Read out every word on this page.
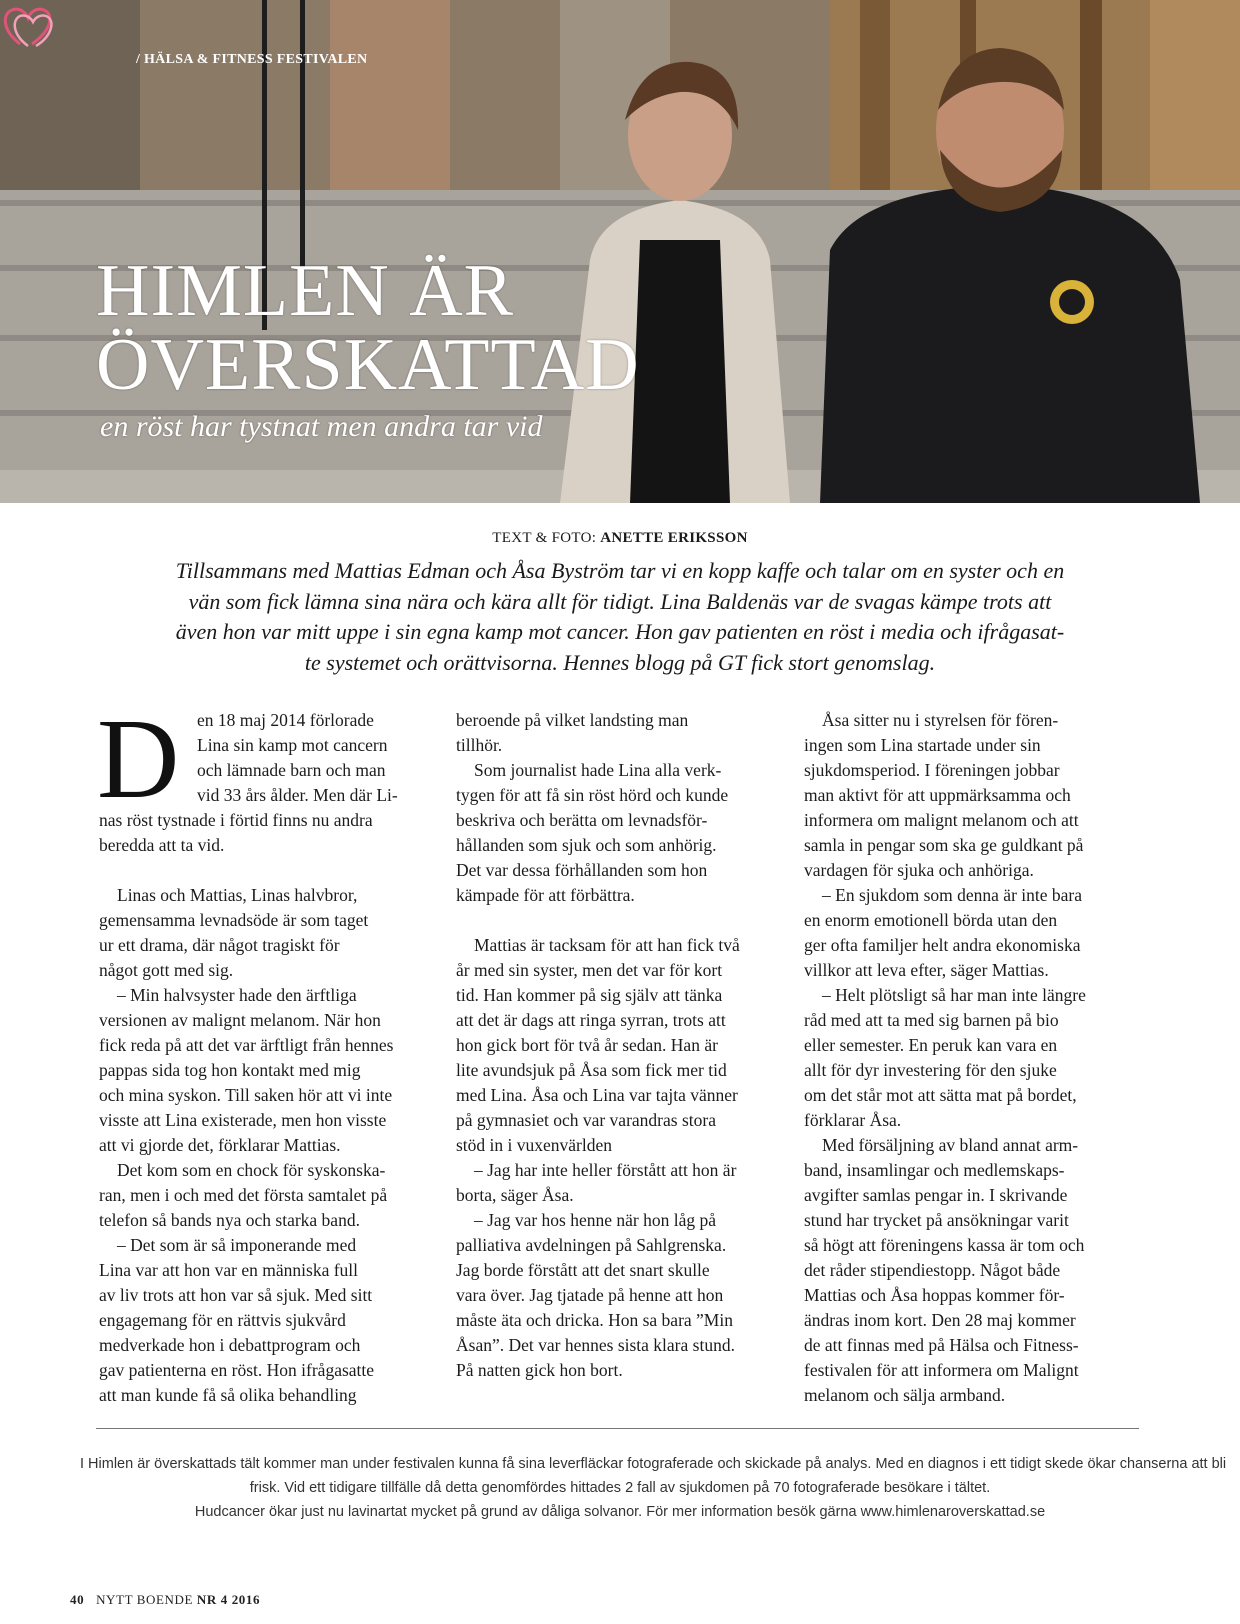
/ HÄLSA & FITNESS FESTIVALEN
HIMLEN ÄR
ÖVERSKATTAD
en röst har tystnat men andra tar vid
TEXT & FOTO: ANETTE ERIKSSON
Tillsammans med Mattias Edman och Åsa Byström tar vi en kopp kaffe och talar om en syster och en
vän som fick lämna sina nära och kära allt för tidigt. Lina Baldenäs var de svagas kämpe trots att
även hon var mitt uppe i sin egna kamp mot cancer. Hon gav patienten en röst i media och ifrågasat-
te systemet och orättvisorna. Hennes blogg på GT fick stort genomslag.
D	en 18 maj 2014 förlorade
Lina sin kamp mot cancern
och lämnade barn och man
vid 33 års ålder. Men där Li-
nas röst tystnade i förtid finns nu andra
beredda att ta vid.
Linas och Mattias, Linas halvbror,
gemensamma levnadsöde är som taget
ur ett drama, där något tragiskt för
något gott med sig.
– Min halvsyster hade den ärftliga
versionen av malignt melanom. När hon
fick reda på att det var ärftligt från hennes
pappas sida tog hon kontakt med mig
och mina syskon. Till saken hör att vi inte
visste att Lina existerade, men hon visste
att vi gjorde det, förklarar Mattias.
Det kom som en chock för syskonska-
ran, men i och med det första samtalet på
telefon så bands nya och starka band.
– Det som är så imponerande med
Lina var att hon var en människa full
av liv trots att hon var så sjuk. Med sitt
engagemang för en rättvis sjukvård
medverkade hon i debattprogram och
gav patienterna en röst. Hon ifrågasatte
att man kunde få så olika behandling
beroende på vilket landsting man
tillhör.
Som journalist hade Lina alla verk-
tygen för att få sin röst hörd och kunde
beskriva och berätta om levnadsför-
hållanden som sjuk och som anhörig.
Det var dessa förhållanden som hon
kämpade för att förbättra.
Mattias är tacksam för att han fick två
år med sin syster, men det var för kort
tid. Han kommer på sig själv att tänka
att det är dags att ringa syrran, trots att
hon gick bort för två år sedan. Han är
lite avundsjuk på Åsa som fick mer tid
med Lina. Åsa och Lina var tajta vänner
på gymnasiet och var varandras stora
stöd in i vuxenvärlden
– Jag har inte heller förstått att hon är
borta, säger Åsa.
– Jag var hos henne när hon låg på
palliativa avdelningen på Sahlgrenska.
Jag borde förstått att det snart skulle
vara över. Jag tjatade på henne att hon
måste äta och dricka. Hon sa bara ”Min
Åsan”. Det var hennes sista klara stund.
På natten gick hon bort.
Åsa sitter nu i styrelsen för fören-
ingen som Lina startade under sin
sjukdomsperiod. I föreningen jobbar
man aktivt för att uppmärksamma och
informera om malignt melanom och att
samla in pengar som ska ge guldkant på
vardagen för sjuka och anhöriga.
– En sjukdom som denna är inte bara
en enorm emotionell börda utan den
ger ofta familjer helt andra ekonomiska
villkor att leva efter, säger Mattias.
– Helt plötsligt så har man inte längre
råd med att ta med sig barnen på bio
eller semester. En peruk kan vara en
allt för dyr investering för den sjuke
om det står mot att sätta mat på bordet,
förklarar Åsa.
Med försäljning av bland annat arm-
band, insamlingar och medlemskaps-
avgifter samlas pengar in. I skrivande
stund har trycket på ansökningar varit
så högt att föreningens kassa är tom och
det råder stipendiestopp. Något både
Mattias och Åsa hoppas kommer för-
ändras inom kort. Den 28 maj kommer
de att finnas med på Hälsa och Fitness-
festivalen för att informera om Malignt
melanom och sälja armband.
I Himlen är överskattads tält kommer man under festivalen kunna få sina leverfläckar fotograferade och skickade på analys. Med en diagnos i ett tidigt skede ökar chanserna att bli
frisk. Vid ett tidigare tillfälle då detta genomfördes hittades 2 fall av sjukdomen på 70 fotograferade besökare i tältet.
Hudcancer ökar just nu lavinartat mycket på grund av dåliga solvanor. För mer information besök gärna www.himlenaroverskattad.se
40 NYTT BOENDE NR 4 2016
